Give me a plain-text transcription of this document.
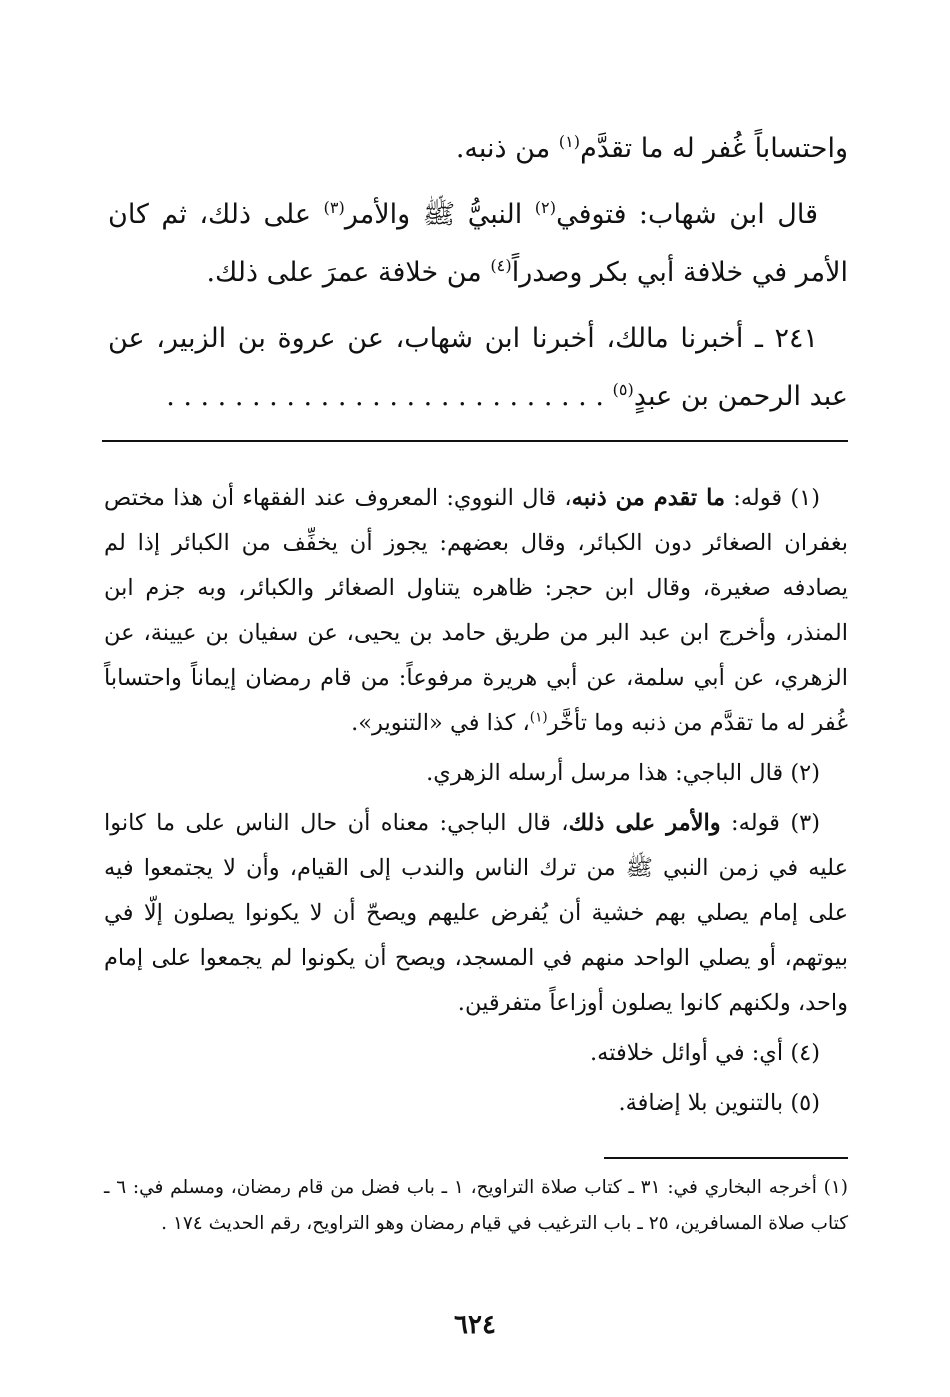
واحتساباً غُفر له ما تقدَّم$^{(١)}$ من ذنبه.

قال ابن شهاب: فتوفي$^{(٢)}$ النبيُّ ﷺ والأمر$^{(٣)}$ على ذلك، ثم كان الأمر في خلافة أبي بكر وصدراً$^{(٤)}$ من خلافة عمرَ على ذلك.

٢٤١ ـ أخبرنا مالك، أخبرنا ابن شهاب، عن عروة بن الزبير، عن عبد الرحمن بن عبدٍ$^{(٥)}$ . . . . . . . . . . . . . . . . . . . . . . . . . .

(١) قوله: ما تقدم من ذنبه، قال النووي: المعروف عند الفقهاء أن هذا مختص بغفران الصغائر دون الكبائر، وقال بعضهم: يجوز أن يخفِّف من الكبائر إذا لم يصادفه صغيرة، وقال ابن حجر: ظاهره يتناول الصغائر والكبائر، وبه جزم ابن المنذر، وأخرج ابن عبد البر من طريق حامد بن يحيى، عن سفيان بن عيينة، عن الزهري، عن أبي سلمة، عن أبي هريرة مرفوعاً: من قام رمضان إيماناً واحتساباً غُفر له ما تقدَّم من ذنبه وما تأخَّر$^{(١)}$، كذا في «التنوير».

(٢) قال الباجي: هذا مرسل أرسله الزهري.

(٣) قوله: والأمر على ذلك، قال الباجي: معناه أن حال الناس على ما كانوا عليه في زمن النبي ﷺ من ترك الناس والندب إلى القيام، وأن لا يجتمعوا فيه على إمام يصلي بهم خشية أن يُفرض عليهم ويصحّ أن لا يكونوا يصلون إلّا في بيوتهم، أو يصلي الواحد منهم في المسجد، ويصح أن يكونوا لم يجمعوا على إمام واحد، ولكنهم كانوا يصلون أوزاعاً متفرقين.

(٤) أي: في أوائل خلافته.

(٥) بالتنوين بلا إضافة.

(١) أخرجه البخاري في: ٣١ ـ كتاب صلاة التراويح، ١ ـ باب فضل من قام رمضان، ومسلم في: ٦ ـ كتاب صلاة المسافرين، ٢٥ ـ باب الترغيب في قيام رمضان وهو التراويح، رقم الحديث ١٧٤ .

٦٢٤
